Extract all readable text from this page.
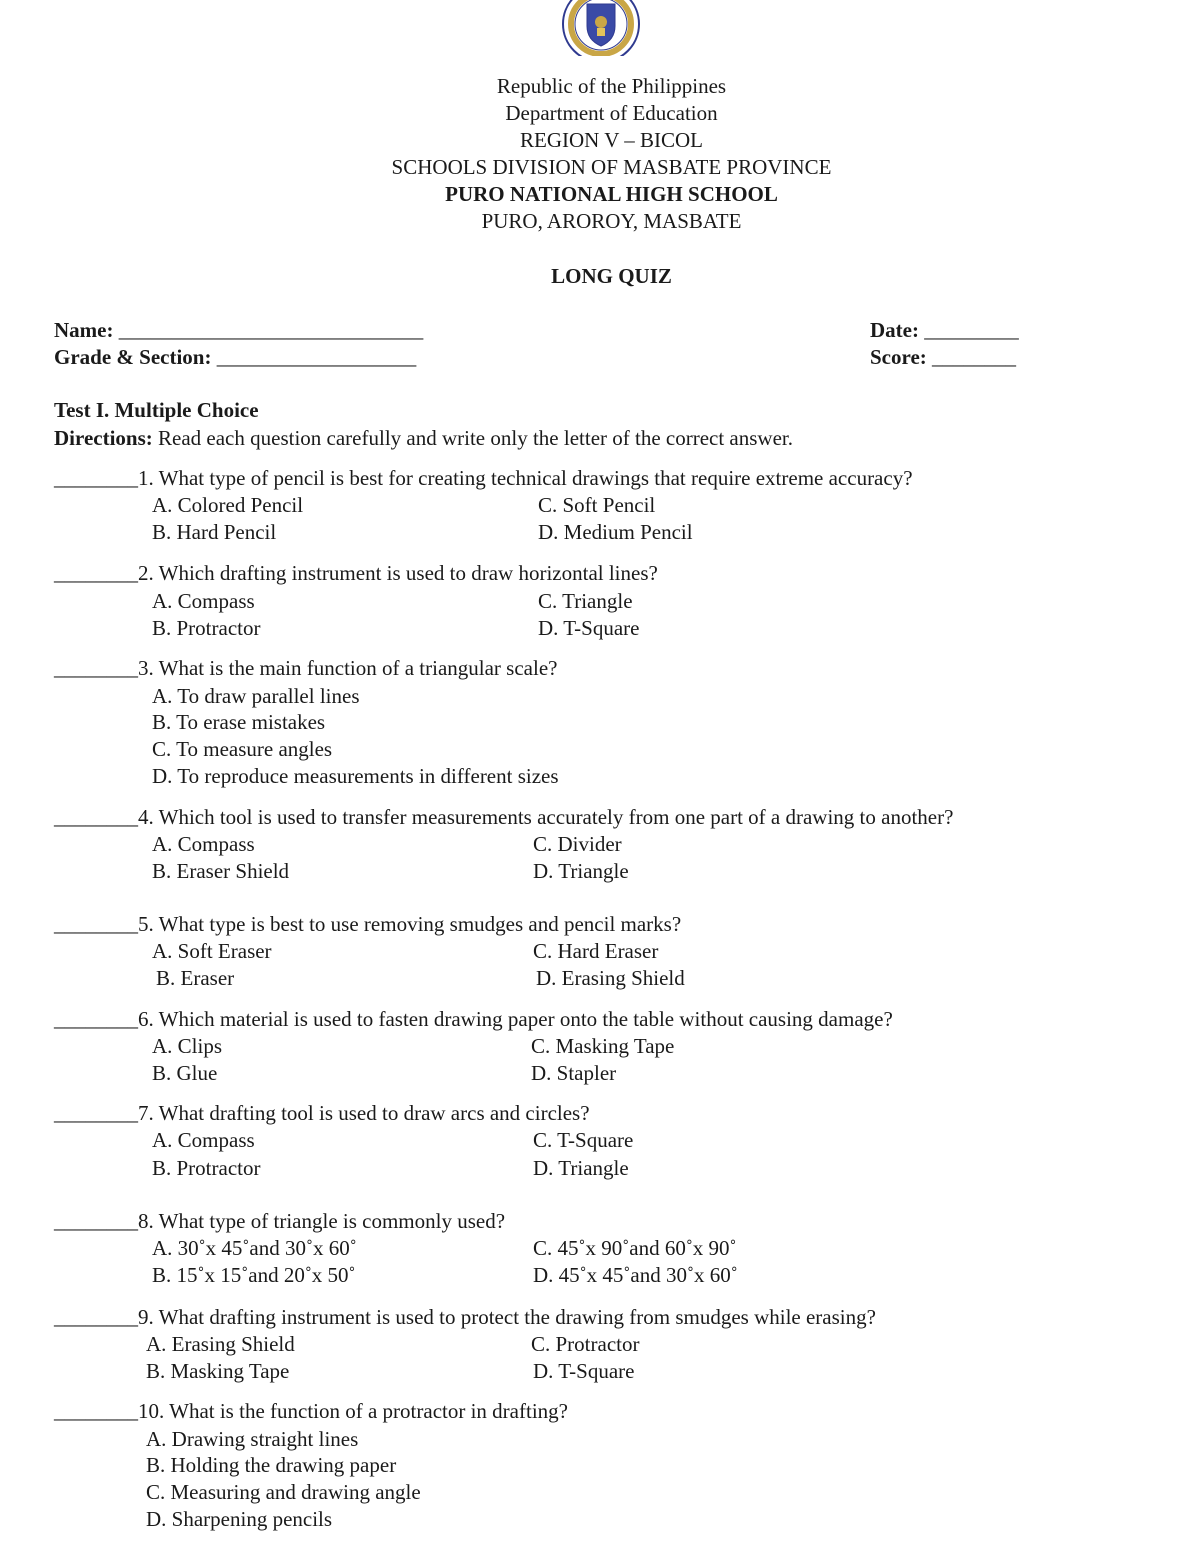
Republic of the Philippines
Department of Education
REGION V – BICOL
SCHOOLS DIVISION OF MASBATE PROVINCE
PURO NATIONAL HIGH SCHOOL
PURO, AROROY, MASBATE
LONG QUIZ
Name: _____________________________	Date: _________
Grade & Section: ___________________	Score: ________
Test I. Multiple Choice
Directions: Read each question carefully and write only the letter of the correct answer.
________1. What type of pencil is best for creating technical drawings that require extreme accuracy?
A. Colored Pencil	C. Soft Pencil
B. Hard Pencil	D. Medium Pencil
________2. Which drafting instrument is used to draw horizontal lines?
A. Compass	C. Triangle
B. Protractor	D. T-Square
________3. What is the main function of a triangular scale?
A. To draw parallel lines
B. To erase mistakes
C. To measure angles
D. To reproduce measurements in different sizes
________4. Which tool is used to transfer measurements accurately from one part of a drawing to another?
A. Compass	C. Divider
B. Eraser Shield	D. Triangle
________5. What type is best to use removing smudges and pencil marks?
A. Soft Eraser	C. Hard Eraser
B. Eraser	D. Erasing Shield
________6. Which material is used to fasten drawing paper onto the table without causing damage?
A. Clips	C. Masking Tape
B. Glue	D. Stapler
________7. What drafting tool is used to draw arcs and circles?
A. Compass	C. T-Square
B. Protractor	D. Triangle
________8. What type of triangle is commonly used?
A. 30˚x 45˚and 30˚x 60˚	C. 45˚x 90˚and 60˚x 90˚
B. 15˚x 15˚and 20˚x 50˚	D. 45˚x 45˚and 30˚x 60˚
________9. What drafting instrument is used to protect the drawing from smudges while erasing?
A. Erasing Shield	C. Protractor
B. Masking Tape	D. T-Square
________10. What is the function of a protractor in drafting?
A. Drawing straight lines
B. Holding the drawing paper
C. Measuring and drawing angle
D. Sharpening pencils
